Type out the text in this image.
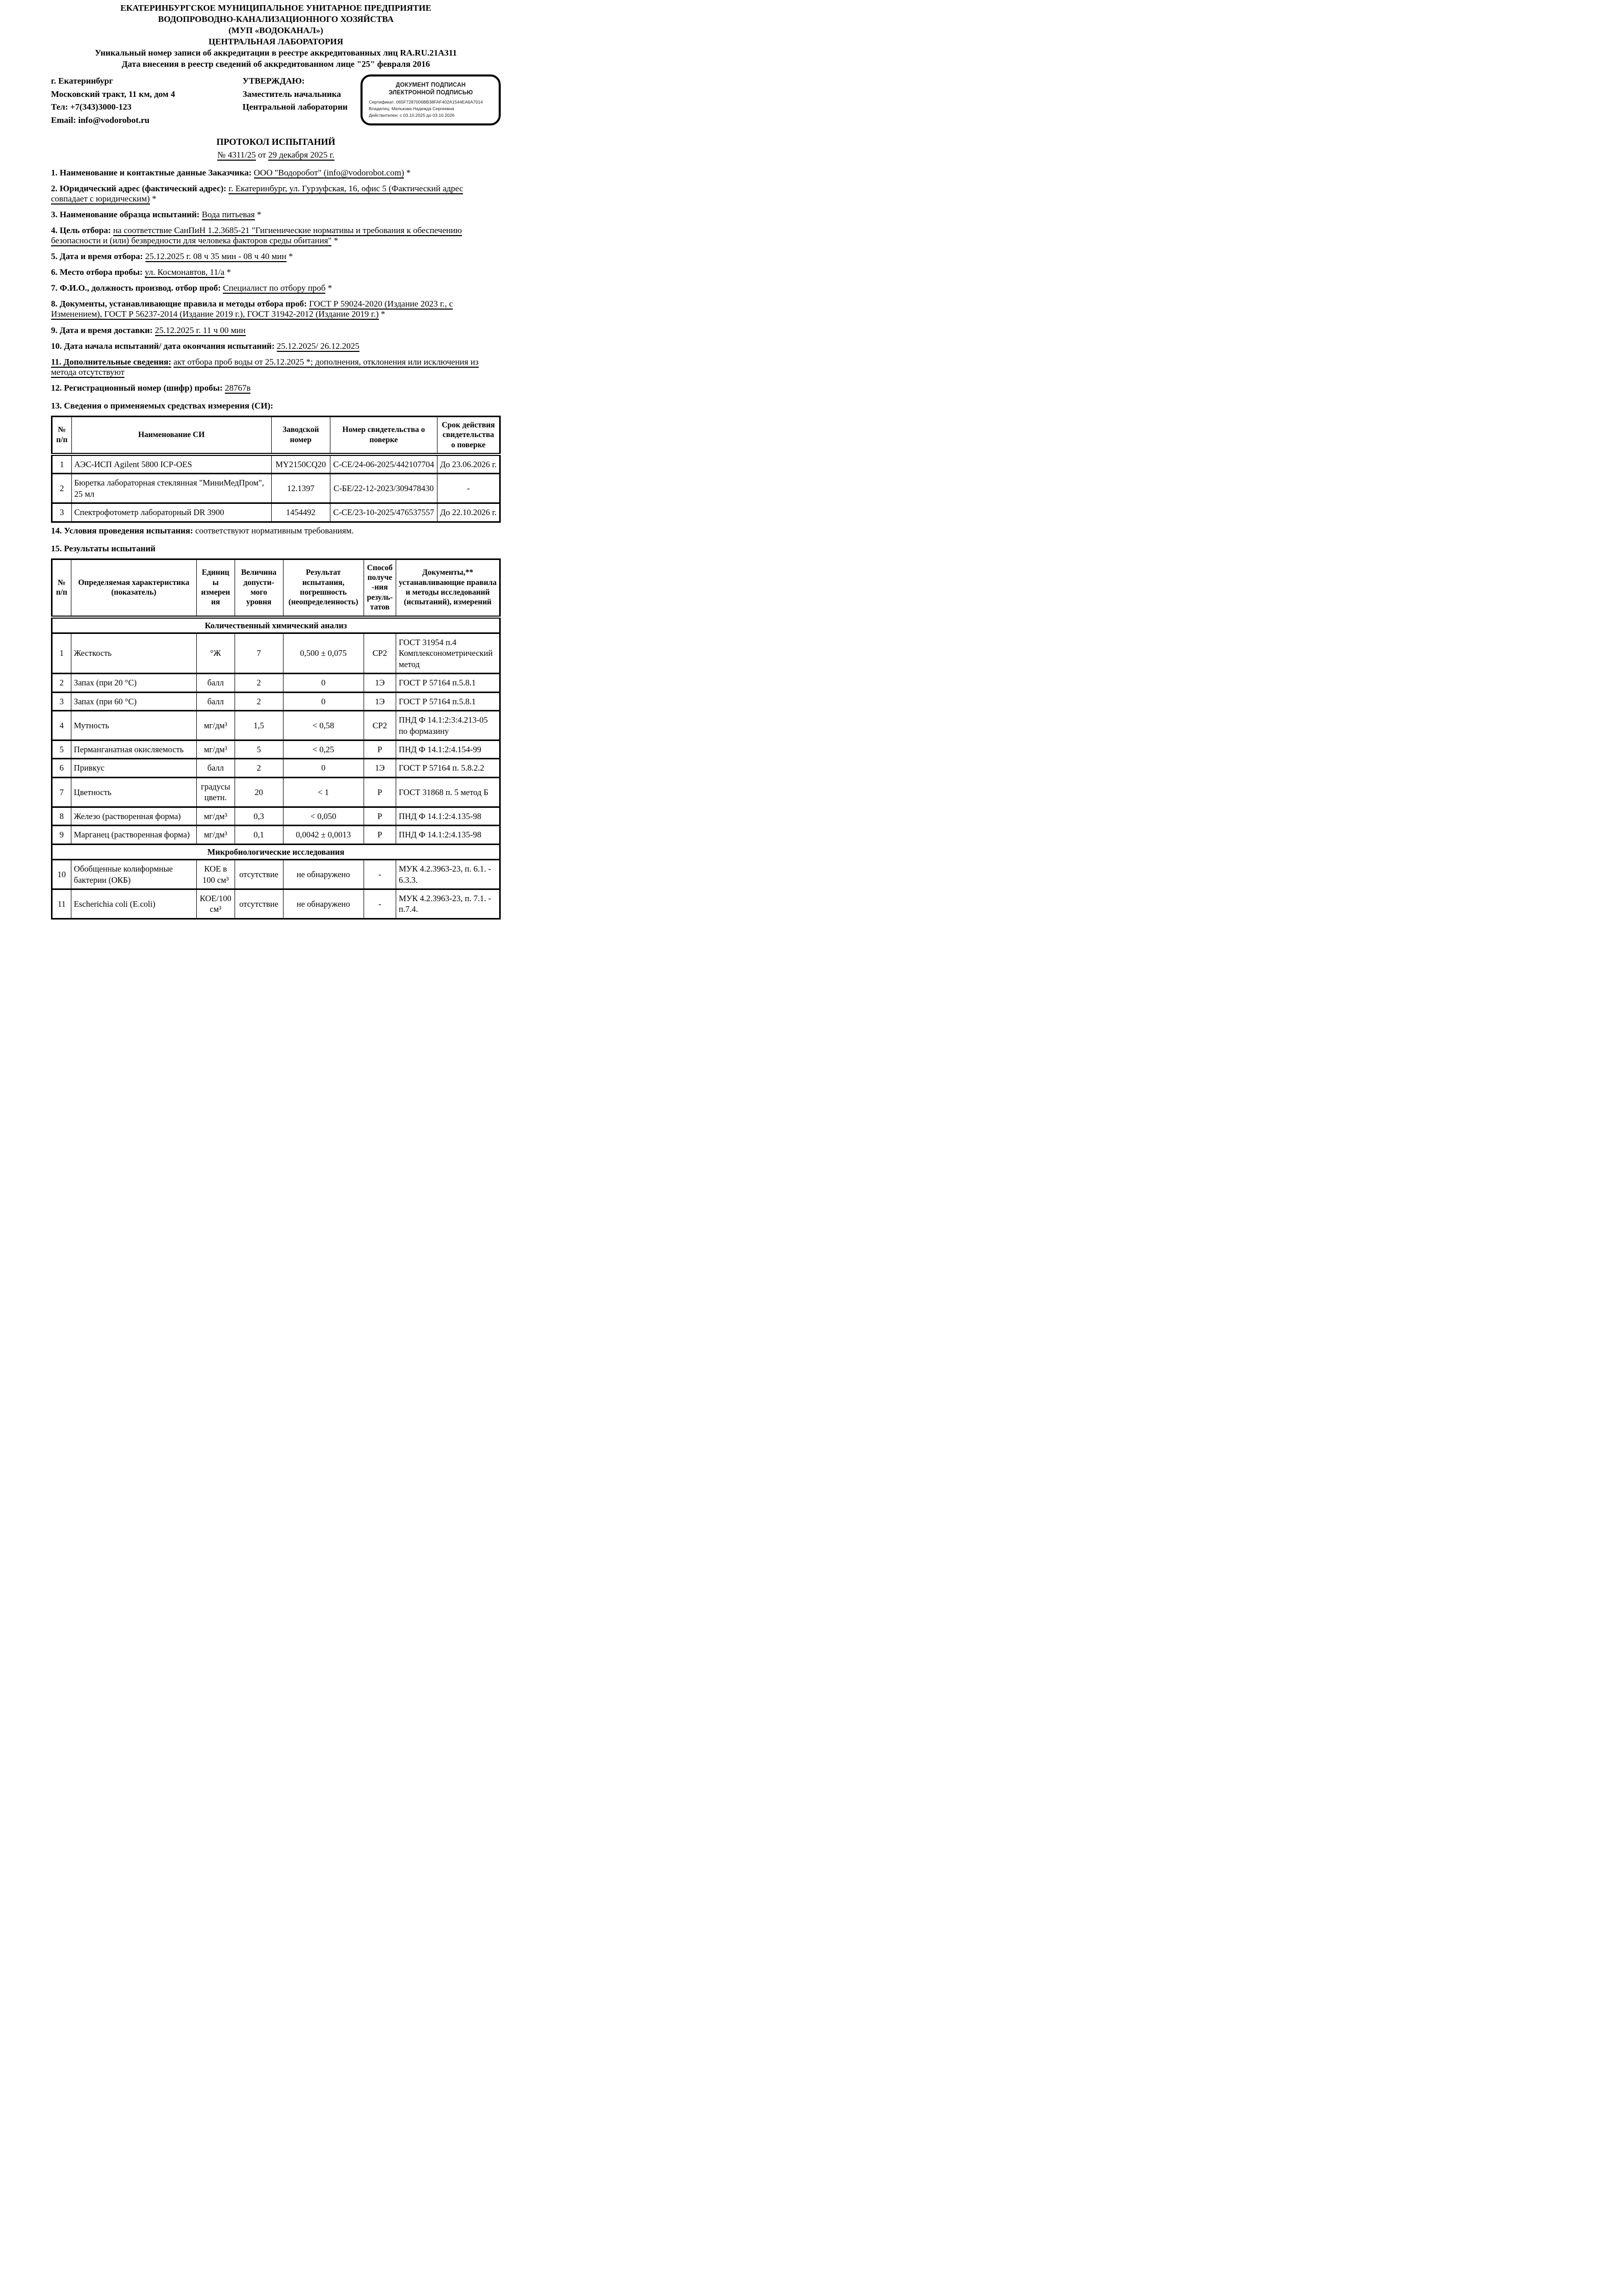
ЕКАТЕРИНБУРГСКОЕ МУНИЦИПАЛЬНОЕ УНИТАРНОЕ ПРЕДПРИЯТИЕ
ВОДОПРОВОДНО-КАНАЛИЗАЦИОННОГО ХОЗЯЙСТВА
(МУП «ВОДОКАНАЛ»)
ЦЕНТРАЛЬНАЯ ЛАБОРАТОРИЯ
Уникальный номер записи об аккредитации в реестре аккредитованных лиц RA.RU.21A311
Дата внесения в реестр сведений об аккредитованном лице "25" февраля 2016
г. Екатеринбург
Московский тракт, 11 км, дом 4
Тел: +7(343)3000-123
Email: info@vodorobot.ru
УТВЕРЖДАЮ:
Заместитель начальника
Центральной лаборатории
ДОКУМЕНТ ПОДПИСАН
ЭЛЕКТРОННОЙ ПОДПИСЬЮ
Сертификат: 065F7287006BB38FAF402A1544EA6A7014
Владелец: Милькова Надежда Сергеевна
Действителен: с 03.10.2025 до 03.10.2026
ПРОТОКОЛ ИСПЫТАНИЙ
№ 4311/25 от 29 декабря 2025 г.

1. Наименование и контактные данные Заказчика: ООО "Водоробот" (info@vodorobot.com) *

2. Юридический адрес (фактический адрес): г. Екатеринбург, ул. Гурзуфская, 16, офис 5 (Фактический адрес совпадает с юридическим) *

3. Наименование образца испытаний: Вода питьевая *

4. Цель отбора: на соответствие СанПиН 1.2.3685-21 "Гигиенические нормативы и требования к обеспечению безопасности и (или) безвредности для человека факторов среды обитания" *

5. Дата и время отбора: 25.12.2025 г. 08 ч 35 мин - 08 ч 40 мин *

6. Место отбора пробы: ул. Космонавтов, 11/а *

7. Ф.И.О., должность производ. отбор проб: Специалист по отбору проб *

8. Документы, устанавливающие правила и методы отбора проб: ГОСТ Р 59024-2020 (Издание 2023 г., с Изменением), ГОСТ Р 56237-2014 (Издание 2019 г.), ГОСТ 31942-2012 (Издание 2019 г.) *

9. Дата и время доставки: 25.12.2025 г. 11 ч 00 мин

10. Дата начала испытаний/ дата окончания испытаний: 25.12.2025/ 26.12.2025

11. Дополнительные сведения: акт отбора проб воды от 25.12.2025 *; дополнения, отклонения или исключения из метода отсутствуют

12. Регистрационный номер (шифр) пробы: 28767в

13. Сведения о применяемых средствах измерения (СИ):
№ п/п	Наименование СИ	Заводской номер	Номер свидетельства о поверке	Срок действия свидетельства о поверке
1	АЭС-ИСП Agilent 5800 ICP-OES	MY2150CQ20	С-СЕ/24-06-2025/442107704	До 23.06.2026 г.
2	Бюретка лабораторная стеклянная "МиниМедПром", 25 мл	12.1397	С-БЕ/22-12-2023/309478430	-
3	Спектрофотометр лабораторный DR 3900	1454492	С-СЕ/23-10-2025/476537557	До 22.10.2026 г.

14. Условия проведения испытания: соответствуют нормативным требованиям.

15. Результаты испытаний
№ п/п	Определяемая характеристика (показатель)	Единицы измерения	Величина допусти-мого уровня	Результат испытания, погрешность (неопределенность)	Способ получе-ния резуль-татов	Документы,** устанавливающие правила и методы исследований (испытаний), измерений
Количественный химический анализ						
1	Жесткость	°Ж	7	0,500 ± 0,075	СР2	ГОСТ 31954 п.4 Комплексонометрический метод
2	Запах (при 20 °С)	балл	2	0	1Э	ГОСТ Р 57164 п.5.8.1
3	Запах (при 60 °С)	балл	2	0	1Э	ГОСТ Р 57164 п.5.8.1
4	Мутность	мг/дм³	1,5	< 0,58	СР2	ПНД Ф 14.1:2:3:4.213-05 по формазину
5	Перманганатная окисляемость	мг/дм³	5	< 0,25	Р	ПНД Ф 14.1:2:4.154-99
6	Привкус	балл	2	0	1Э	ГОСТ Р 57164 п. 5.8.2.2
7	Цветность	градусы цветн.	20	< 1	Р	ГОСТ 31868 п. 5 метод Б
8	Железо (растворенная форма)	мг/дм³	0,3	< 0,050	Р	ПНД Ф 14.1:2:4.135-98
9	Марганец (растворенная форма)	мг/дм³	0,1	0,0042 ± 0,0013	Р	ПНД Ф 14.1:2:4.135-98
Микробиологические исследования						
10	Обобщенные колиформные бактерии (ОКБ)	КОЕ в 100 см³	отсутствие	не обнаружено	-	МУК 4.2.3963-23, п. 6.1. - 6.3.3.
11	Escherichia coli (E.coli)	КОЕ/100 см³	отсутствие	не обнаружено	-	МУК 4.2.3963-23, п. 7.1. - п.7.4.
